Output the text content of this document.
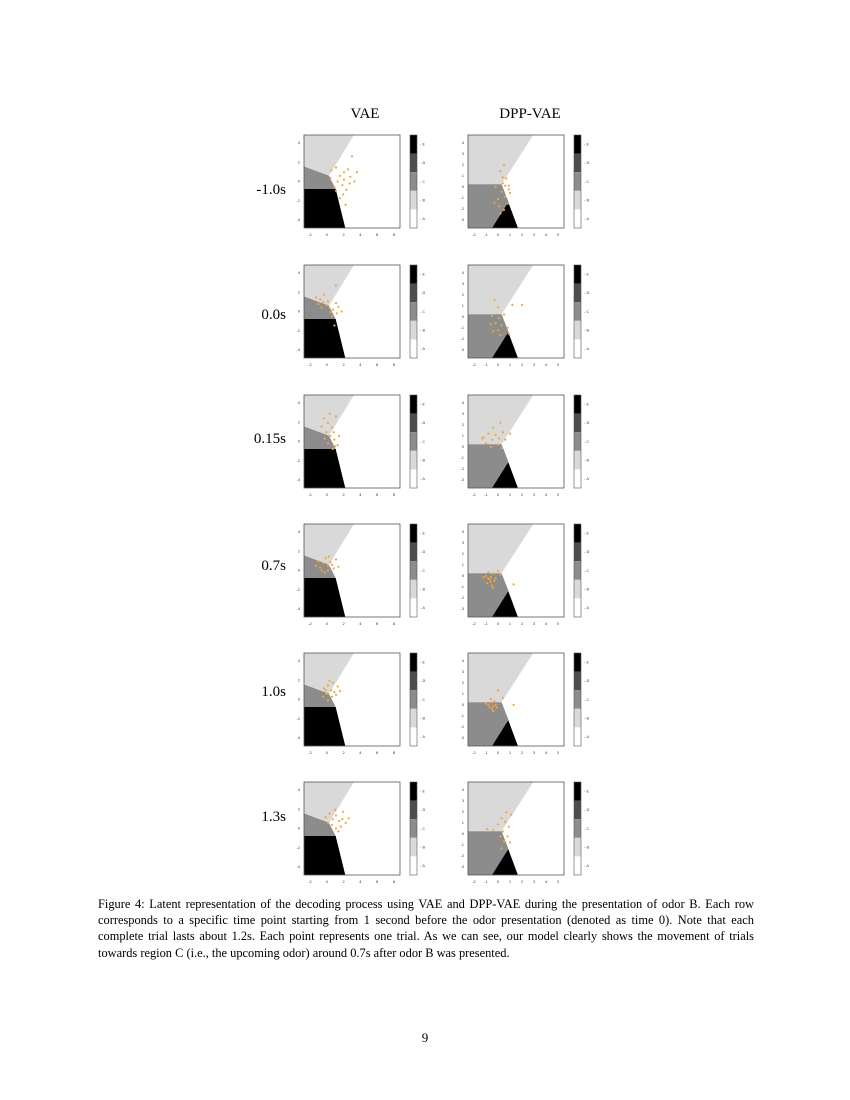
VAE	DPP-VAE
-1.0s
0.0s
0.15s
0.7s
1.0s
1.3s
-2	0	2	4	6	8
4
2
0
-2
-4
- E
- D
- C
- B
- A
-2 -1	0	1	2	3	4	5
4
3
2
1
0
-1
-2
-3
- E
- D
- C
- B
- A
-2	0	2	4	6	8
4
2
0
-2
-4
- E
- D
- C
- B
- A
-2 -1	0	1	2	3	4	5
4
3
2
1
0
-1
-2
-3
- E
- D
- C
- B
- A
-2	0	2	4	6	8
4
2
0
-2
-4
- E
- D
- C
- B
- A
-2 -1	0	1	2	3	4	5
4
3
2
1
0
-1
-2
-3
- E
- D
- C
- B
- A
-2	0	2	4	6	8
4
2
0
-2
-4
- E
- D
- C
- B
- A
-2 -1	0	1	2	3	4	5
4
3
2
1
0
-1
-2
-3
- E
- D
- C
- B
- A
-2	0	2	4	6	8
4
2
0
-2
-4
- E
- D
- C
- B
- A
-2 -1	0	1	2	3	4	5
4
3
2
1
0
-1
-2
-3
- E
- D
- C
- B
- A
-2	0	2	4	6	8
4
2
0
-2
-4
- E
- D
- C
- B
- A
-2 -1	0	1	2	3	4	5
4
3
2
1
0
-1
-2
-3
- E
- D
- C
- B
- A
Figure 4: Latent representation of the decoding process using VAE and DPP-VAE during the presentation of odor B. Each row corresponds to a specific time point starting from 1 second before the odor presentation (denoted as time 0). Note that each complete trial lasts about 1.2s. Each point represents one trial. As we can see, our model clearly shows the movement of trials towards region C (i.e., the upcoming odor) around 0.7s after odor B was presented.
9
